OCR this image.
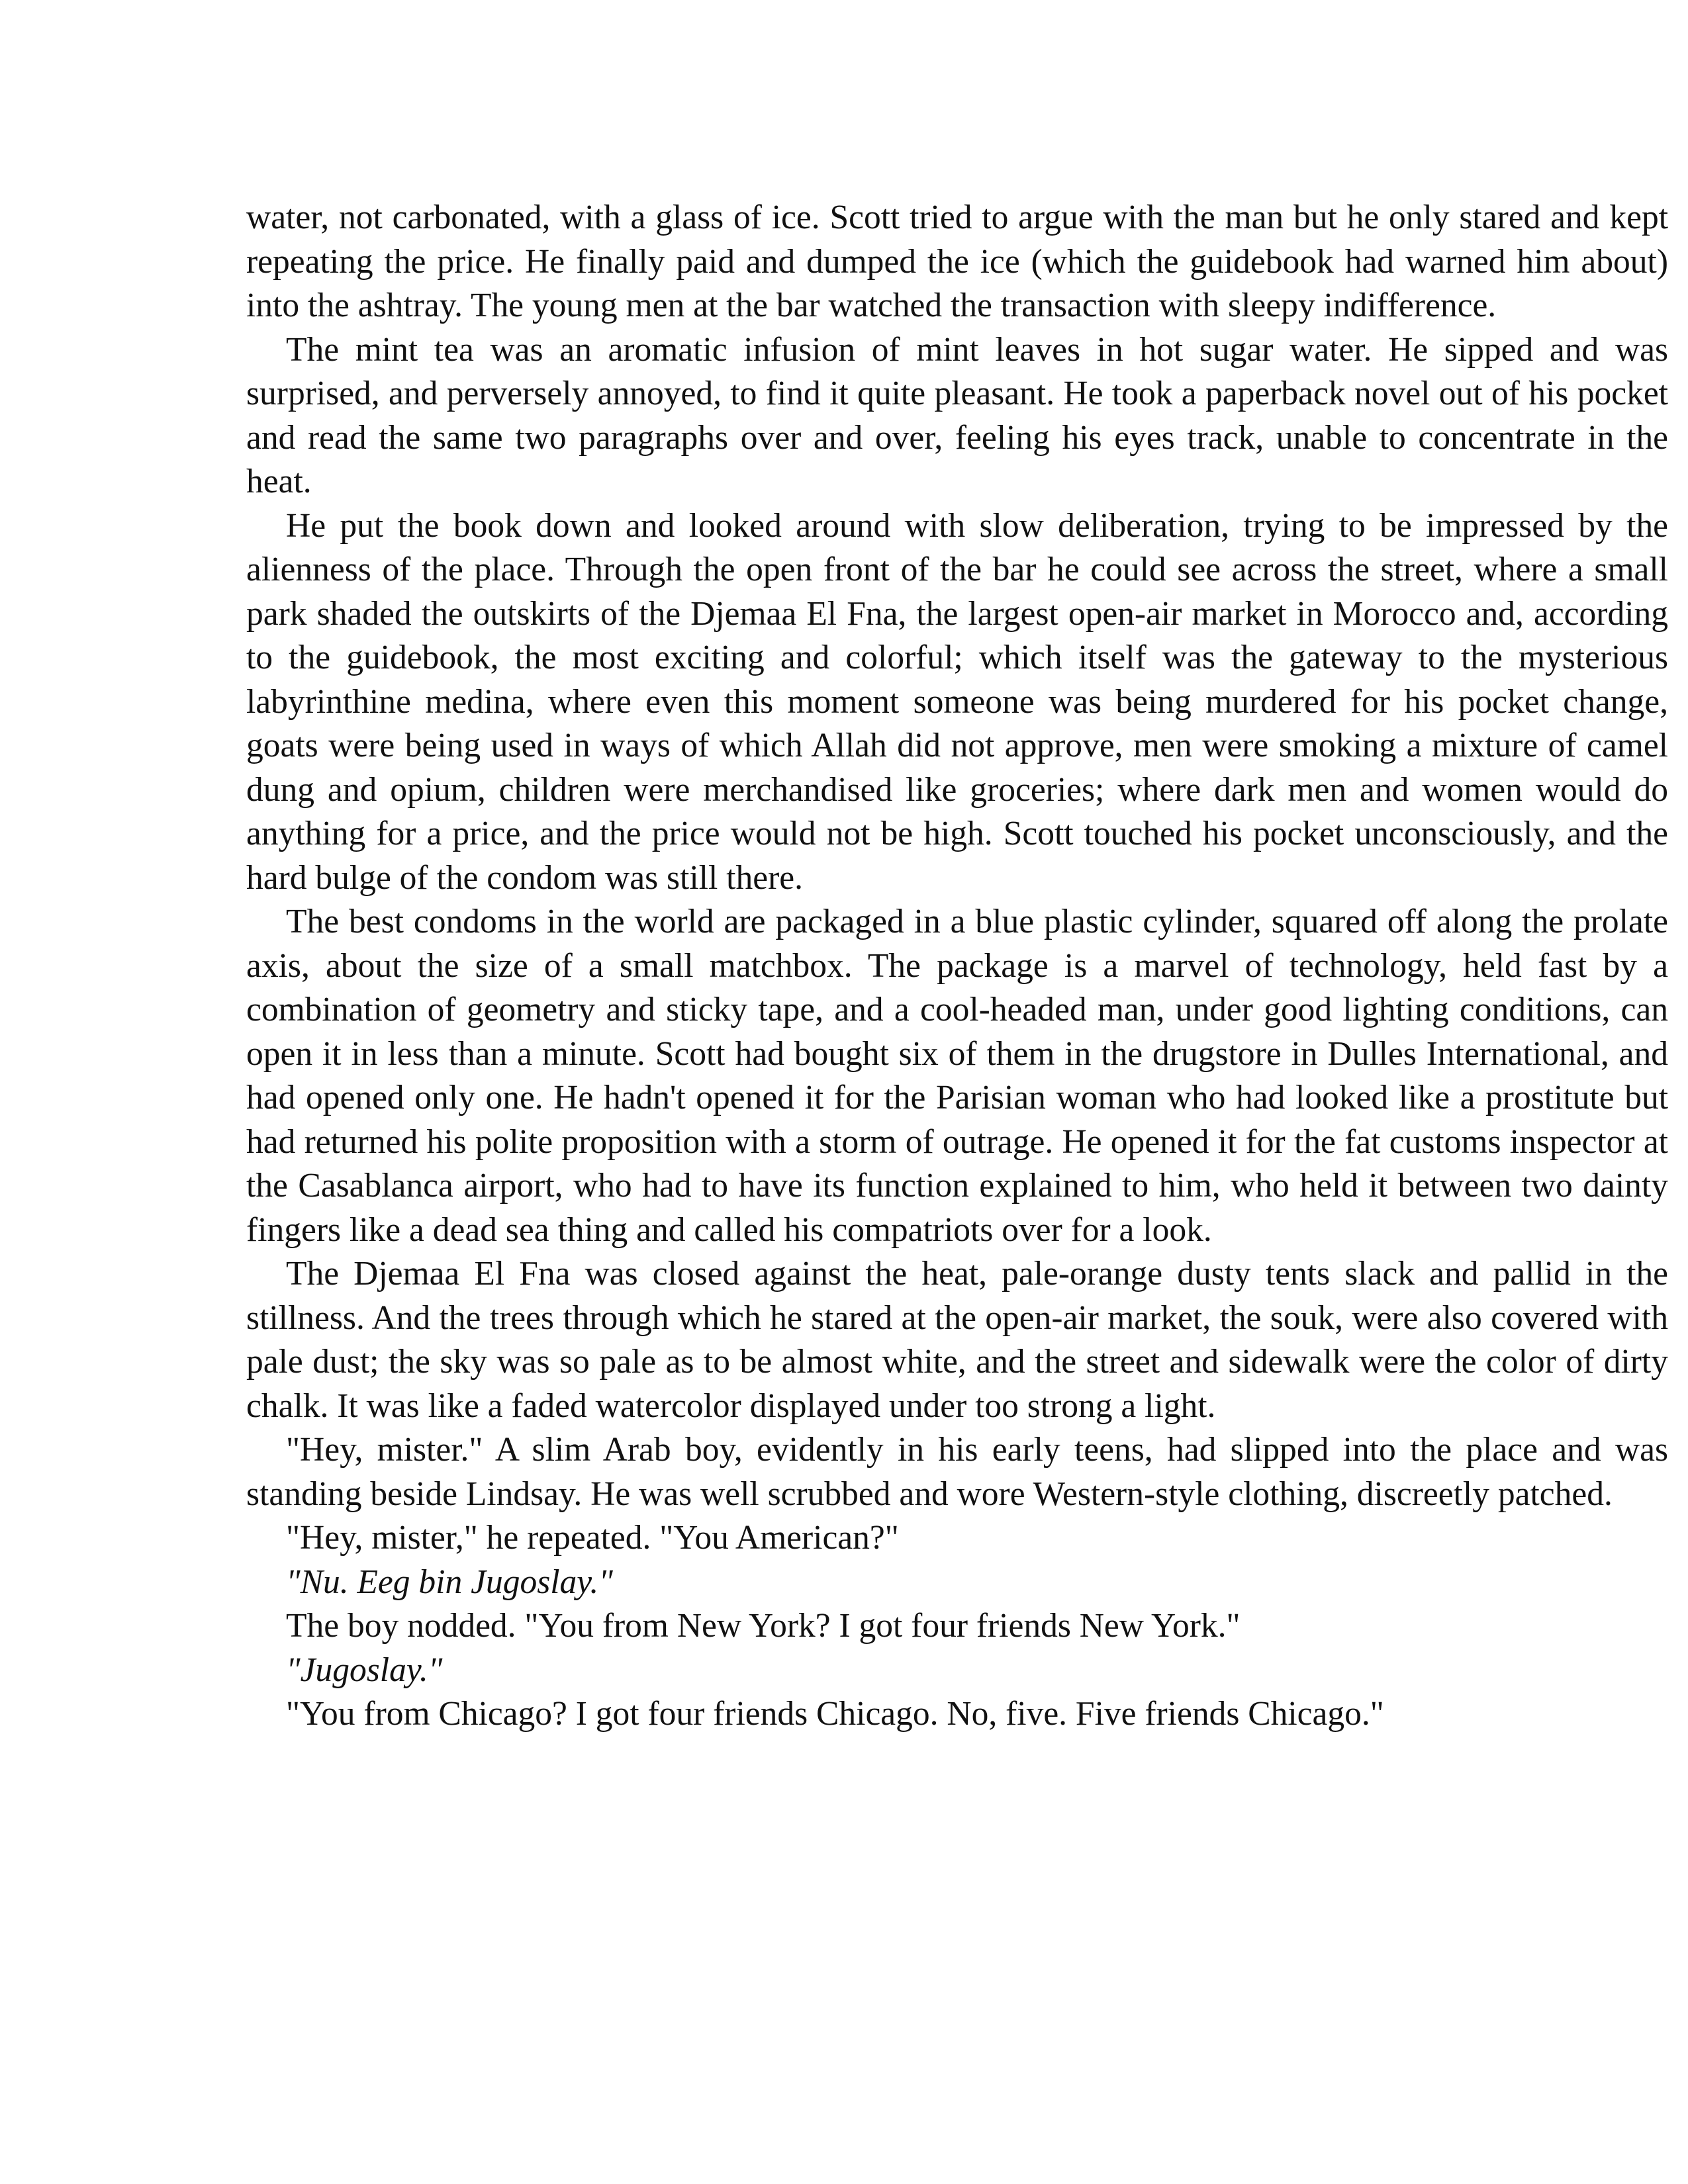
water, not carbonated, with a glass of ice. Scott tried to argue with the man but he only stared and kept repeating the price. He finally paid and dumped the ice (which the guidebook had warned him about) into the ashtray. The young men at the bar watched the transaction with sleepy indifference.

The mint tea was an aromatic infusion of mint leaves in hot sugar water. He sipped and was surprised, and perversely annoyed, to find it quite pleasant. He took a paperback novel out of his pocket and read the same two paragraphs over and over, feeling his eyes track, unable to concentrate in the heat.

He put the book down and looked around with slow deliberation, trying to be impressed by the alienness of the place. Through the open front of the bar he could see across the street, where a small park shaded the outskirts of the Djemaa El Fna, the largest open-air market in Morocco and, according to the guidebook, the most exciting and colorful; which itself was the gateway to the mysterious labyrinthine medina, where even this moment someone was being murdered for his pocket change, goats were being used in ways of which Allah did not approve, men were smoking a mixture of camel dung and opium, children were merchandised like groceries; where dark men and women would do anything for a price, and the price would not be high. Scott touched his pocket unconsciously, and the hard bulge of the condom was still there.

The best condoms in the world are packaged in a blue plastic cylinder, squared off along the prolate axis, about the size of a small matchbox. The package is a marvel of technology, held fast by a combination of geometry and sticky tape, and a cool-headed man, under good lighting conditions, can open it in less than a minute. Scott had bought six of them in the drugstore in Dulles International, and had opened only one. He hadn't opened it for the Parisian woman who had looked like a prostitute but had returned his polite proposition with a storm of outrage. He opened it for the fat customs inspector at the Casablanca airport, who had to have its function explained to him, who held it between two dainty fingers like a dead sea thing and called his compatriots over for a look.

The Djemaa El Fna was closed against the heat, pale-orange dusty tents slack and pallid in the stillness. And the trees through which he stared at the open-air market, the souk, were also covered with pale dust; the sky was so pale as to be almost white, and the street and sidewalk were the color of dirty chalk. It was like a faded watercolor displayed under too strong a light.

"Hey, mister." A slim Arab boy, evidently in his early teens, had slipped into the place and was standing beside Lindsay. He was well scrubbed and wore Western-style clothing, discreetly patched.

"Hey, mister," he repeated. "You American?"

"Nu. Eeg bin Jugoslay."

The boy nodded. "You from New York? I got four friends New York."

"Jugoslay."

"You from Chicago? I got four friends Chicago. No, five. Five friends Chicago."
